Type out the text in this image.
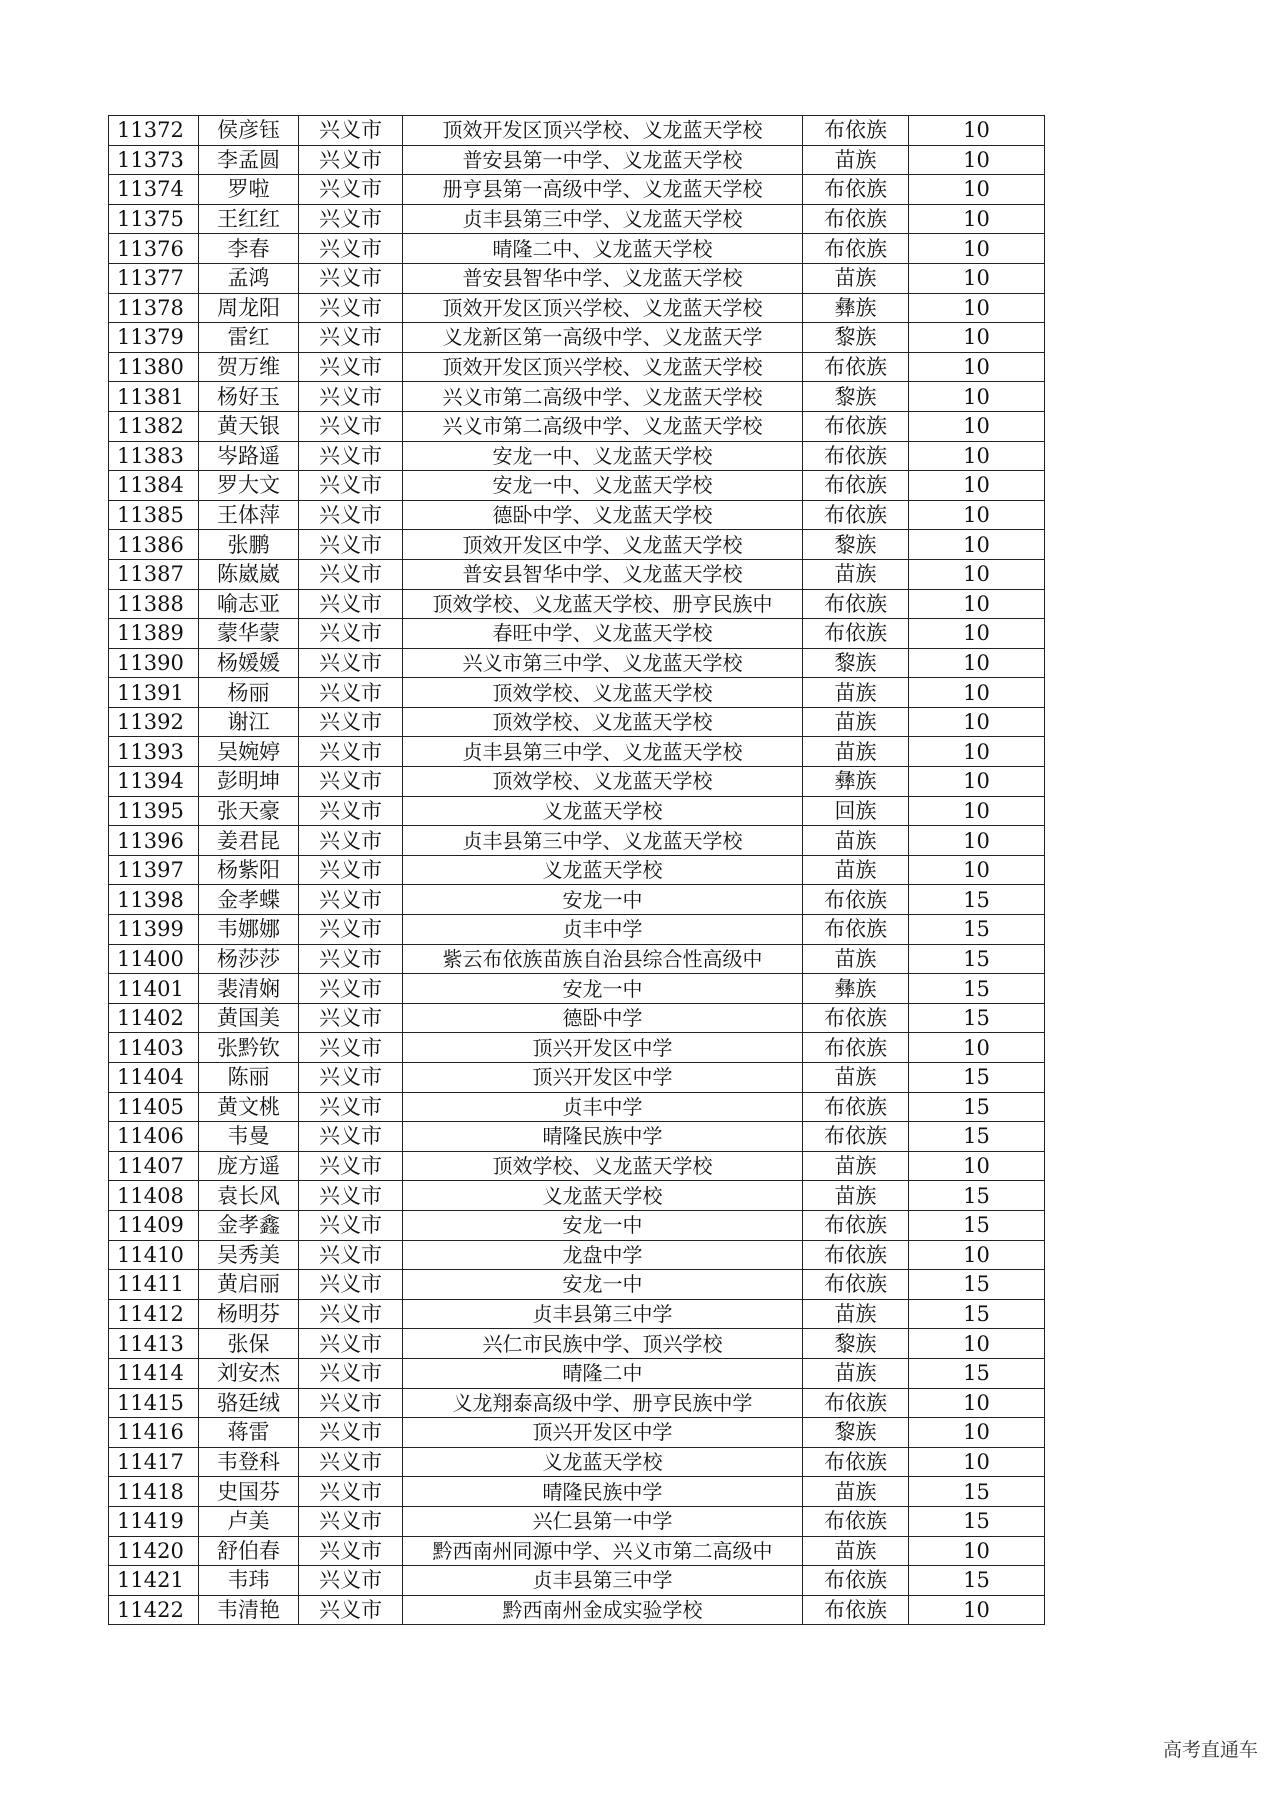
11372	侯彦钰	兴义市	顶效开发区顶兴学校、义龙蓝天学校	布依族	10
11373	李孟圆	兴义市	普安县第一中学、义龙蓝天学校	苗族	10
11374	罗啦	兴义市	册亨县第一高级中学、义龙蓝天学校	布依族	10
11375	王红红	兴义市	贞丰县第三中学、义龙蓝天学校	布依族	10
11376	李春	兴义市	晴隆二中、义龙蓝天学校	布依族	10
11377	孟鸿	兴义市	普安县智华中学、义龙蓝天学校	苗族	10
11378	周龙阳	兴义市	顶效开发区顶兴学校、义龙蓝天学校	彝族	10
11379	雷红	兴义市	义龙新区第一高级中学、义龙蓝天学	黎族	10
11380	贺万维	兴义市	顶效开发区顶兴学校、义龙蓝天学校	布依族	10
11381	杨好玉	兴义市	兴义市第二高级中学、义龙蓝天学校	黎族	10
11382	黄天银	兴义市	兴义市第二高级中学、义龙蓝天学校	布依族	10
11383	岑路遥	兴义市	安龙一中、义龙蓝天学校	布依族	10
11384	罗大文	兴义市	安龙一中、义龙蓝天学校	布依族	10
11385	王体萍	兴义市	德卧中学、义龙蓝天学校	布依族	10
11386	张鹏	兴义市	顶效开发区中学、义龙蓝天学校	黎族	10
11387	陈崴崴	兴义市	普安县智华中学、义龙蓝天学校	苗族	10
11388	喻志亚	兴义市	顶效学校、义龙蓝天学校、册亨民族中	布依族	10
11389	蒙华蒙	兴义市	春旺中学、义龙蓝天学校	布依族	10
11390	杨媛媛	兴义市	兴义市第三中学、义龙蓝天学校	黎族	10
11391	杨丽	兴义市	顶效学校、义龙蓝天学校	苗族	10
11392	谢江	兴义市	顶效学校、义龙蓝天学校	苗族	10
11393	吴婉婷	兴义市	贞丰县第三中学、义龙蓝天学校	苗族	10
11394	彭明坤	兴义市	顶效学校、义龙蓝天学校	彝族	10
11395	张天豪	兴义市	义龙蓝天学校	回族	10
11396	姜君昆	兴义市	贞丰县第三中学、义龙蓝天学校	苗族	10
11397	杨紫阳	兴义市	义龙蓝天学校	苗族	10
11398	金孝蝶	兴义市	安龙一中	布依族	15
11399	韦娜娜	兴义市	贞丰中学	布依族	15
11400	杨莎莎	兴义市	紫云布依族苗族自治县综合性高级中	苗族	15
11401	裴清娴	兴义市	安龙一中	彝族	15
11402	黄国美	兴义市	德卧中学	布依族	15
11403	张黔钦	兴义市	顶兴开发区中学	布依族	10
11404	陈丽	兴义市	顶兴开发区中学	苗族	15
11405	黄文桃	兴义市	贞丰中学	布依族	15
11406	韦曼	兴义市	晴隆民族中学	布依族	15
11407	庞方遥	兴义市	顶效学校、义龙蓝天学校	苗族	10
11408	袁长风	兴义市	义龙蓝天学校	苗族	15
11409	金孝鑫	兴义市	安龙一中	布依族	15
11410	吴秀美	兴义市	龙盘中学	布依族	10
11411	黄启丽	兴义市	安龙一中	布依族	15
11412	杨明芬	兴义市	贞丰县第三中学	苗族	15
11413	张保	兴义市	兴仁市民族中学、顶兴学校	黎族	10
11414	刘安杰	兴义市	晴隆二中	苗族	15
11415	骆廷绒	兴义市	义龙翔泰高级中学、册亨民族中学	布依族	10
11416	蒋雷	兴义市	顶兴开发区中学	黎族	10
11417	韦登科	兴义市	义龙蓝天学校	布依族	10
11418	史国芬	兴义市	晴隆民族中学	苗族	15
11419	卢美	兴义市	兴仁县第一中学	布依族	15
11420	舒伯春	兴义市	黔西南州同源中学、兴义市第二高级中	苗族	10
11421	韦玮	兴义市	贞丰县第三中学	布依族	15
11422	韦清艳	兴义市	黔西南州金成实验学校	布依族	10
高考直通车
